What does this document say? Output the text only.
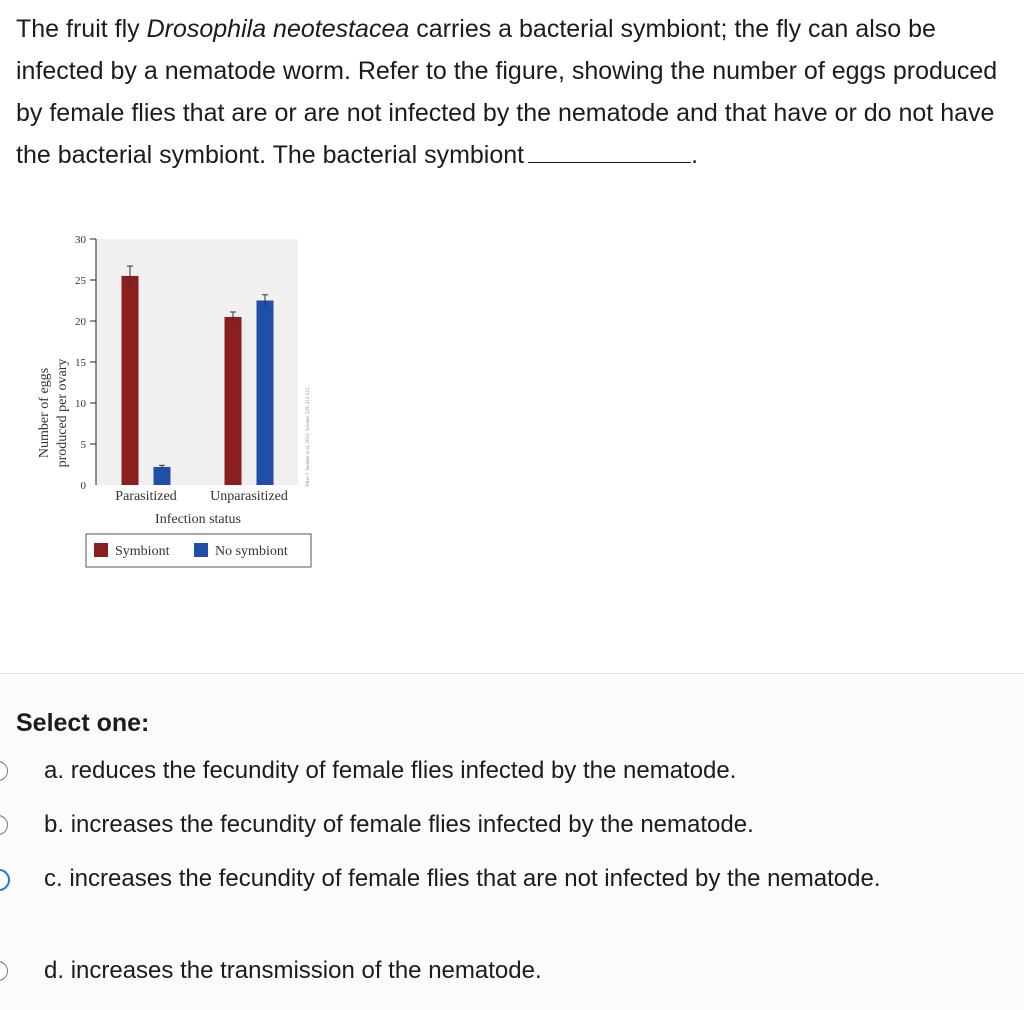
The fruit fly Drosophila neotestacea carries a bacterial symbiont; the fly can also be infected by a nematode worm. Refer to the figure, showing the number of eggs produced by female flies that are or are not infected by the nematode and that have or do not have the bacterial symbiont. The bacterial symbiont	.

0
5
10
15
20
25
30
Parasitized Unparasitized
Infection status
Number of eggs produced per ovary	After J. Jaenike et al. 2010. Science 329: 212-215.
Symbiont	No symbiont

Select one:

a. reduces the fecundity of female flies infected by the nematode.
b. increases the fecundity of female flies infected by the nematode.
c. increases the fecundity of female flies that are not infected by the nematode.
d. increases the transmission of the nematode.
